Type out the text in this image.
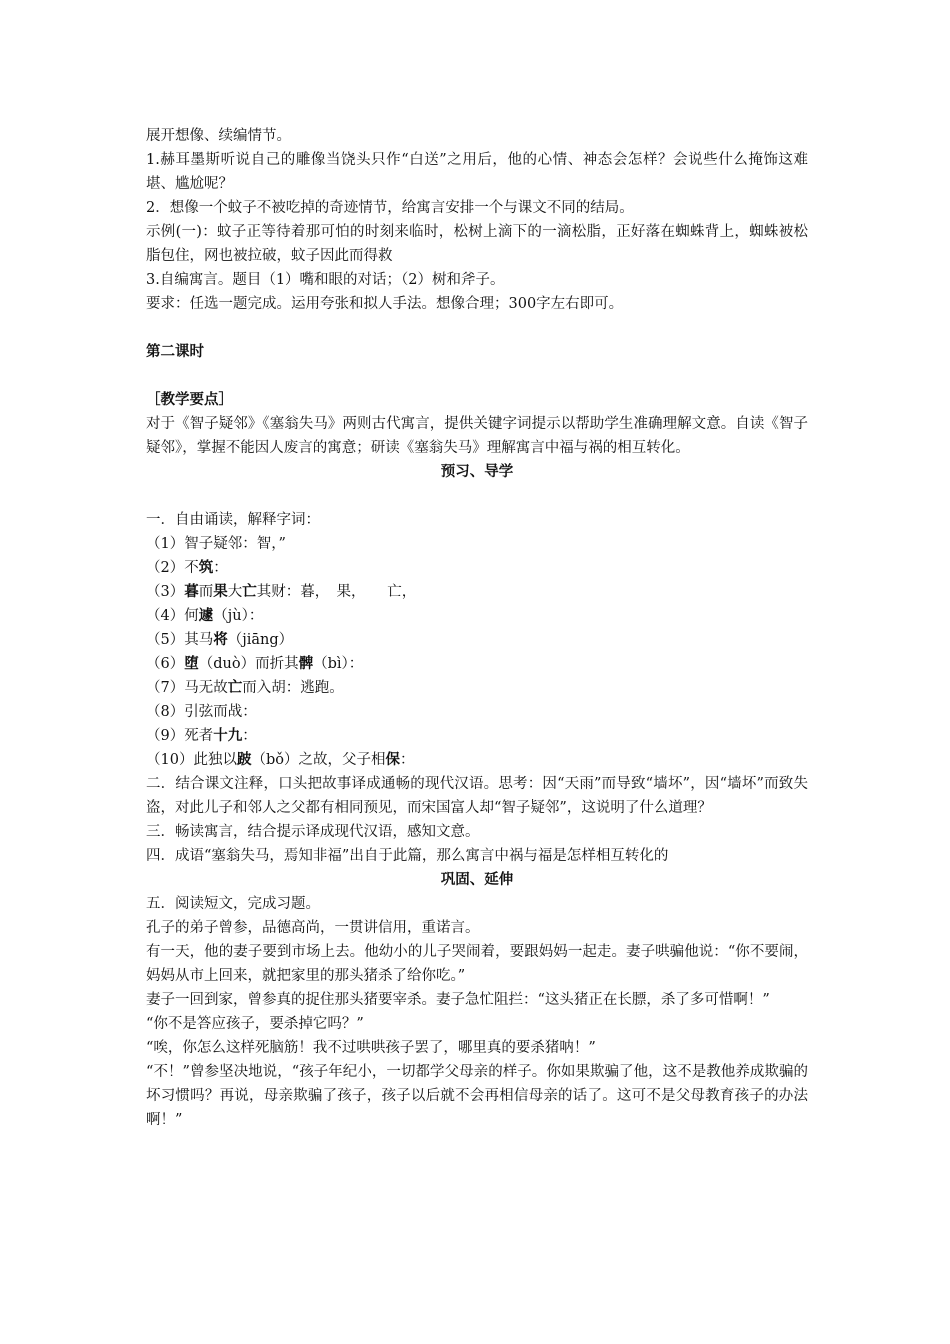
展开想像、续编情节。

1.赫耳墨斯听说自己的雕像当饶头只作“白送”之用后，他的心情、神态会怎样？会说些什么掩饰这难堪、尴尬呢？

2．想像一个蚊子不被吃掉的奇迹情节，给寓言安排一个与课文不同的结局。

示例(一)：蚊子正等待着那可怕的时刻来临时，松树上滴下的一滴松脂，正好落在蜘蛛背上，蜘蛛被松脂包住，网也被拉破，蚊子因此而得救

3.自编寓言。题目（1）嘴和眼的对话；（2）树和斧子。

要求：任选一题完成。运用夸张和拟人手法。想像合理；300字左右即可。

第二课时

［教学要点］

对于《智子疑邻》《塞翁失马》两则古代寓言，提供关键字词提示以帮助学生准确理解文意。自读《智子疑邻》，掌握不能因人废言的寓意；研读《塞翁失马》理解寓言中福与祸的相互转化。

预习、导学

一．自由诵读，解释字词：

（1）智子疑邻：智，”

（2）不筑：

（3）暮而果大亡其财：暮，　果，　　亡，

（4）何遽（jù）：

（5）其马将（jiāng）

（6）堕（duò）而折其髀（bì）：

（7）马无故亡而入胡：逃跑。

（8）引弦而战：

（9）死者十九：

（10）此独以跛（bǒ）之故，父子相保：

二．结合课文注释，口头把故事译成通畅的现代汉语。思考：因“天雨”而导致“墙坏”，因“墙坏”而致失盗，对此儿子和邻人之父都有相同预见，而宋国富人却“智子疑邻”，这说明了什么道理？

三．畅读寓言，结合提示译成现代汉语，感知文意。

四．成语“塞翁失马，焉知非福”出自于此篇，那么寓言中祸与福是怎样相互转化的

巩固、延伸

五．阅读短文，完成习题。

孔子的弟子曾参，品德高尚，一贯讲信用，重诺言。

有一天，他的妻子要到市场上去。他幼小的儿子哭闹着，要跟妈妈一起走。妻子哄骗他说：“你不要闹，妈妈从市上回来，就把家里的那头猪杀了给你吃。”

妻子一回到家，曾参真的捉住那头猪要宰杀。妻子急忙阻拦：“这头猪正在长膘，杀了多可惜啊！”

“你不是答应孩子，要杀掉它吗？”

“唉，你怎么这样死脑筋！我不过哄哄孩子罢了，哪里真的要杀猪呐！”

“不！”曾参坚决地说，“孩子年纪小，一切都学父母亲的样子。你如果欺骗了他，这不是教他养成欺骗的坏习惯吗？再说，母亲欺骗了孩子，孩子以后就不会再相信母亲的话了。这可不是父母教育孩子的办法啊！”
